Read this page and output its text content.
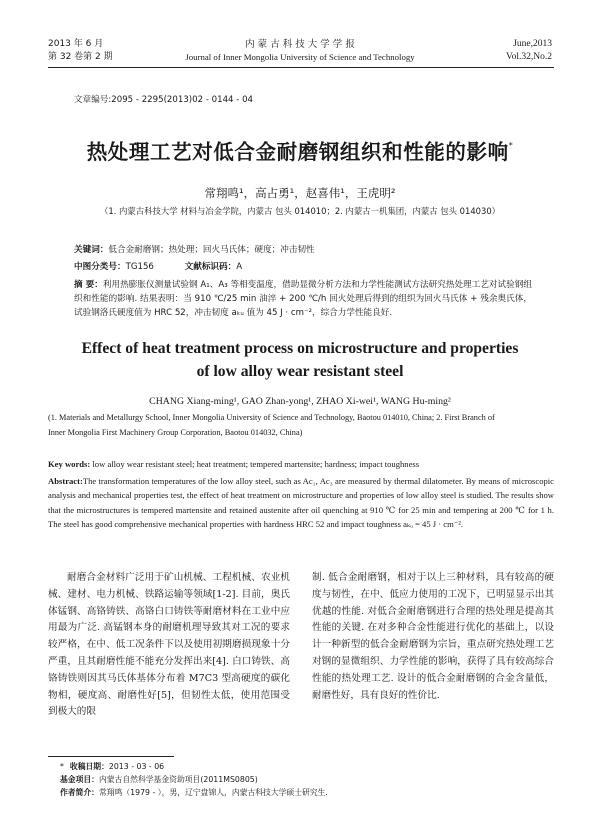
2013 年 6 月
第 32 卷第 2 期
内 蒙 古 科 技 大 学 学 报
Journal of Inner Mongolia University of Science and Technology
June,2013
Vol.32,No.2
文章编号:2095 - 2295(2013)02 - 0144 - 04
热处理工艺对低合金耐磨钢组织和性能的影响*
常翔鸣¹，高占勇¹，赵喜伟¹，王虎明²
（1. 内蒙古科技大学 材料与冶金学院，内蒙古 包头 014010；2. 内蒙古一机集团，内蒙古 包头 014030）
关键词：低合金耐磨钢；热处理；回火马氏体；硬度；冲击韧性
中图分类号：TG156	文献标识码：A
摘 要：利用热膨胀仪测量试验钢 A₁、A₃ 等相变温度，借助显微分析方法和力学性能测试方法研究热处理工艺对试验钢组织和性能的影响. 结果表明：当 910 ℃/25 min 油淬 + 200 ℃/h 回火处理后得到的组织为回火马氏体 + 残余奥氏体，试验钢洛氏硬度值为 HRC 52，冲击韧度 aₖᵤ 值为 45 J · cm⁻²，综合力学性能良好.
Effect of heat treatment process on microstructure and properties
of low alloy wear resistant steel
CHANG Xiang-ming¹, GAO Zhan-yong¹, ZHAO Xi-wei¹, WANG Hu-ming²
(1. Materials and Metallurgy School, Inner Mongolia University of Science and Technology, Baotou 014010, China; 2. First Branch of
Inner Mongolia First Machinery Group Corporation, Baotou 014032, China)
Key words: low alloy wear resistant steel; heat treatment; tempered martensite; hardness; impact toughness
Abstract:The transformation temperatures of the low alloy steel, such as Ac₁, Ac₃ are measured by thermal dilatometer. By means of microscopic analysis and mechanical properties test, the effect of heat treatment on microstructure and properties of low alloy steel is studied. The results show that the microstructures is tempered martensite and retained austenite after oil quenching at 910 ℃ for 25 min and tempering at 200 ℃ for 1 h. The steel has good comprehensive mechanical properties with hardness HRC 52 and impact toughness aₖᵤ = 45 J · cm⁻².
耐磨合金材料广泛用于矿山机械、工程机械、农业机械、建材、电力机械、铁路运输等领域[1-2]. 目前，奥氏体锰钢、高铬铸铁、高铬白口铸铁等耐磨材料在工业中应用最为广泛. 高锰钢本身的耐磨机理导致其对工况的要求较严格，在中、低工况条件下以及使用初期磨损现象十分严重，且其耐磨性能不能充分发挥出来[4]. 白口铸铁、高铬铸铁则因其马氏体基体分布着 M7C3 型高硬度的碳化物相，硬度高、耐磨性好[5]，但韧性太低，使用范围受到极大的限
制. 低合金耐磨钢，相对于以上三种材料，具有较高的硬度与韧性，在中、低应力使用的工况下，已明显显示出其优越的性能. 对低合金耐磨钢进行合理的热处理是提高其性能的关键. 在对多种合金性能进行优化的基础上，以设计一种新型的低合金耐磨钢为宗旨，重点研究热处理工艺对钢的显微组织、力学性能的影响，获得了具有较高综合性能的热处理工艺. 设计的低合金耐磨钢的合金含量低，耐磨性好，具有良好的性价比.
* 收稿日期：2013 - 03 - 06
基金项目：内蒙古自然科学基金资助项目(2011MS0805)
作者简介：常翔鸣（1979 - ），男，辽宁盘锦人，内蒙古科技大学硕士研究生.
